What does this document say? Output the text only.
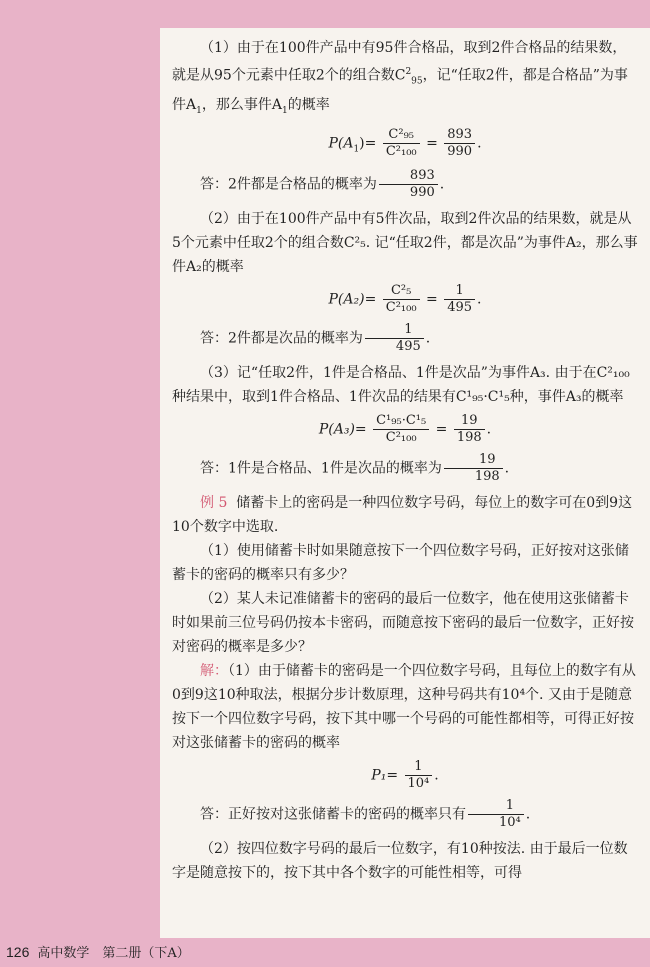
（1）由于在100件产品中有95件合格品，取到2件合格品的结果数，就是从95个元素中任取2个的组合数$C^2_{95}$，记“任取2件，都是合格品”为事件$A_1$，那么事件$A_1$的概率

$P(A_1)= \frac{\text{C²₉₅}}{\text{C²₁₀₀}} = \frac{893}{990}$ .

答：2件都是合格品的概率为 $\frac{893}{990}$ .

（2）由于在100件产品中有5件次品，取到2件次品的结果数，就是从5个元素中任取2个的组合数C²₅. 记“任取2件，都是次品”为事件A₂，那么事件A₂的概率

$P(A_2)= \frac{\text{C²₅}}{\text{C²₁₀₀}} = \frac{1}{495}$ .

答：2件都是次品的概率为 $\frac{1}{495}$ .

（3）记“任取2件，1件是合格品、1件是次品”为事件A₃. 由于在C²₁₀₀种结果中，取到1件合格品、1件次品的结果有C¹₉₅·C¹₅种，事件A₃的概率

$P(A_3)= \frac{\text{C¹₉₅·C¹₅}}{\text{C²₁₀₀}} = \frac{19}{198}$ .

答：1件是合格品、1件是次品的概率为 $\frac{19}{198}$ .

例 5 储蓄卡上的密码是一种四位数字号码，每位上的数字可在0到9这10个数字中选取.

（1）使用储蓄卡时如果随意按下一个四位数字号码，正好按对这张储蓄卡的密码的概率只有多少？

（2）某人未记准储蓄卡的密码的最后一位数字，他在使用这张储蓄卡时如果前三位号码仍按本卡密码，而随意按下密码的最后一位数字，正好按对密码的概率是多少？

解：（1）由于储蓄卡的密码是一个四位数字号码，且每位上的数字有从0到9这10种取法，根据分步计数原理，这种号码共有10⁴个. 又由于是随意按下一个四位数字号码，按下其中哪一个号码的可能性都相等，可得正好按对这张储蓄卡的密码的概率

$P_1= \frac{1}{\text{10⁴}}$ .

答：正好按对这张储蓄卡的密码的概率只有 $\frac{1}{\text{10⁴}}$ .

（2）按四位数字号码的最后一位数字，有10种按法. 由于最后一位数字是随意按下的，按下其中各个数字的可能性相等，可得

126 高中数学　第二册（下A）
